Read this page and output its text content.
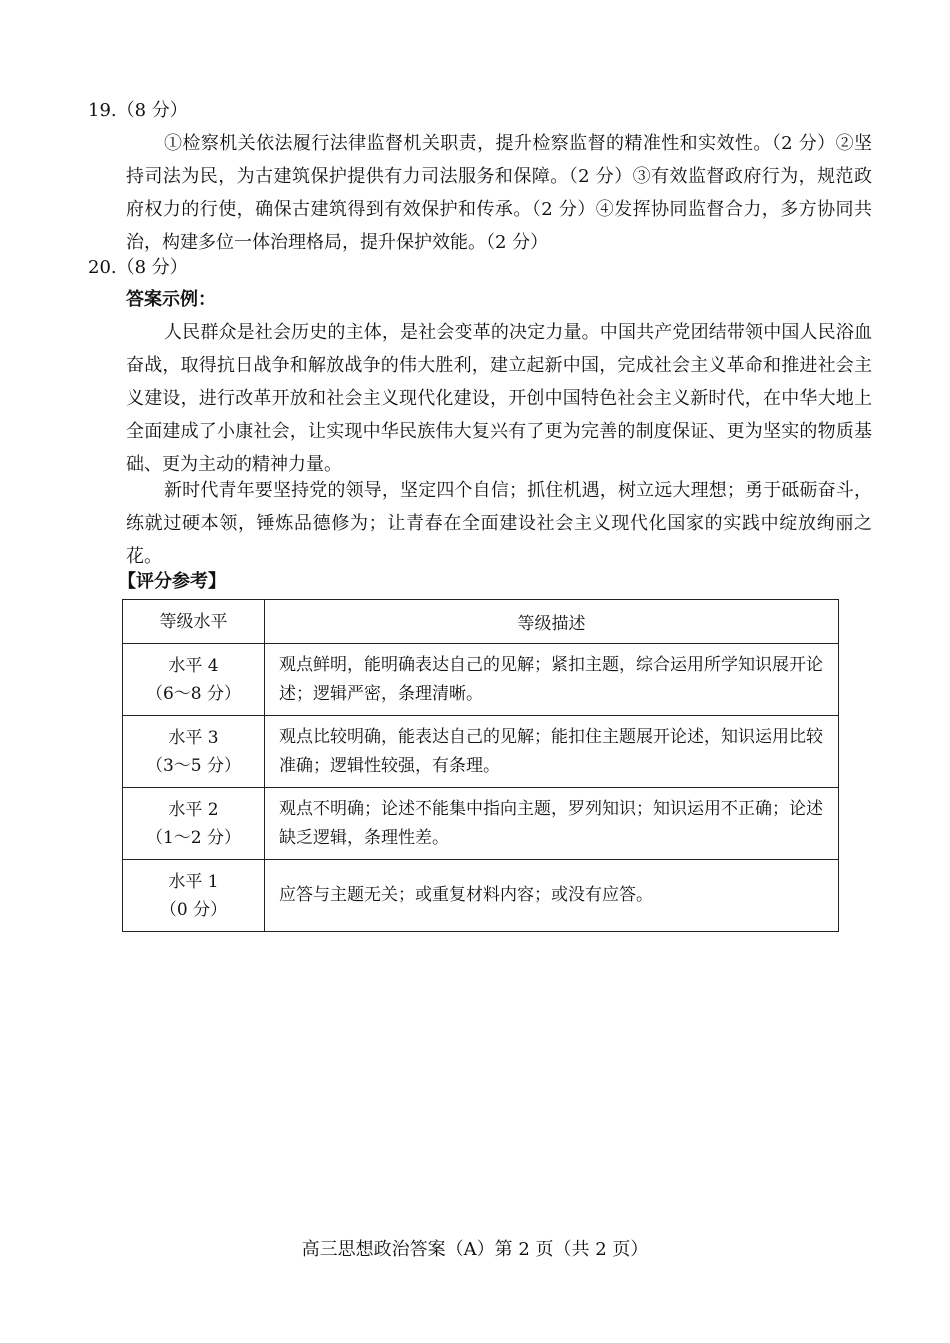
19.（8 分）
①检察机关依法履行法律监督机关职责，提升检察监督的精准性和实效性。（2 分）②坚持司法为民，为古建筑保护提供有力司法服务和保障。（2 分）③有效监督政府行为，规范政府权力的行使，确保古建筑得到有效保护和传承。（2 分）④发挥协同监督合力，多方协同共治，构建多位一体治理格局，提升保护效能。（2 分）
20.（8 分）
答案示例：
人民群众是社会历史的主体，是社会变革的决定力量。中国共产党团结带领中国人民浴血奋战，取得抗日战争和解放战争的伟大胜利，建立起新中国，完成社会主义革命和推进社会主义建设，进行改革开放和社会主义现代化建设，开创中国特色社会主义新时代，在中华大地上全面建成了小康社会，让实现中华民族伟大复兴有了更为完善的制度保证、更为坚实的物质基础、更为主动的精神力量。
新时代青年要坚持党的领导，坚定四个自信；抓住机遇，树立远大理想；勇于砥砺奋斗，练就过硬本领，锤炼品德修为；让青春在全面建设社会主义现代化国家的实践中绽放绚丽之花。
【评分参考】
等级水平	等级描述

水平 4
（6～8 分）	观点鲜明，能明确表达自己的见解；紧扣主题，综合运用所学知识展开论述；逻辑严密，条理清晰。

水平 3
（3～5 分）	观点比较明确，能表达自己的见解；能扣住主题展开论述，知识运用比较准确；逻辑性较强，有条理。

水平 2
（1～2 分）	观点不明确；论述不能集中指向主题，罗列知识；知识运用不正确；论述缺乏逻辑，条理性差。

水平 1
（0 分）	应答与主题无关；或重复材料内容；或没有应答。
高三思想政治答案（A）第 2 页（共 2 页）
